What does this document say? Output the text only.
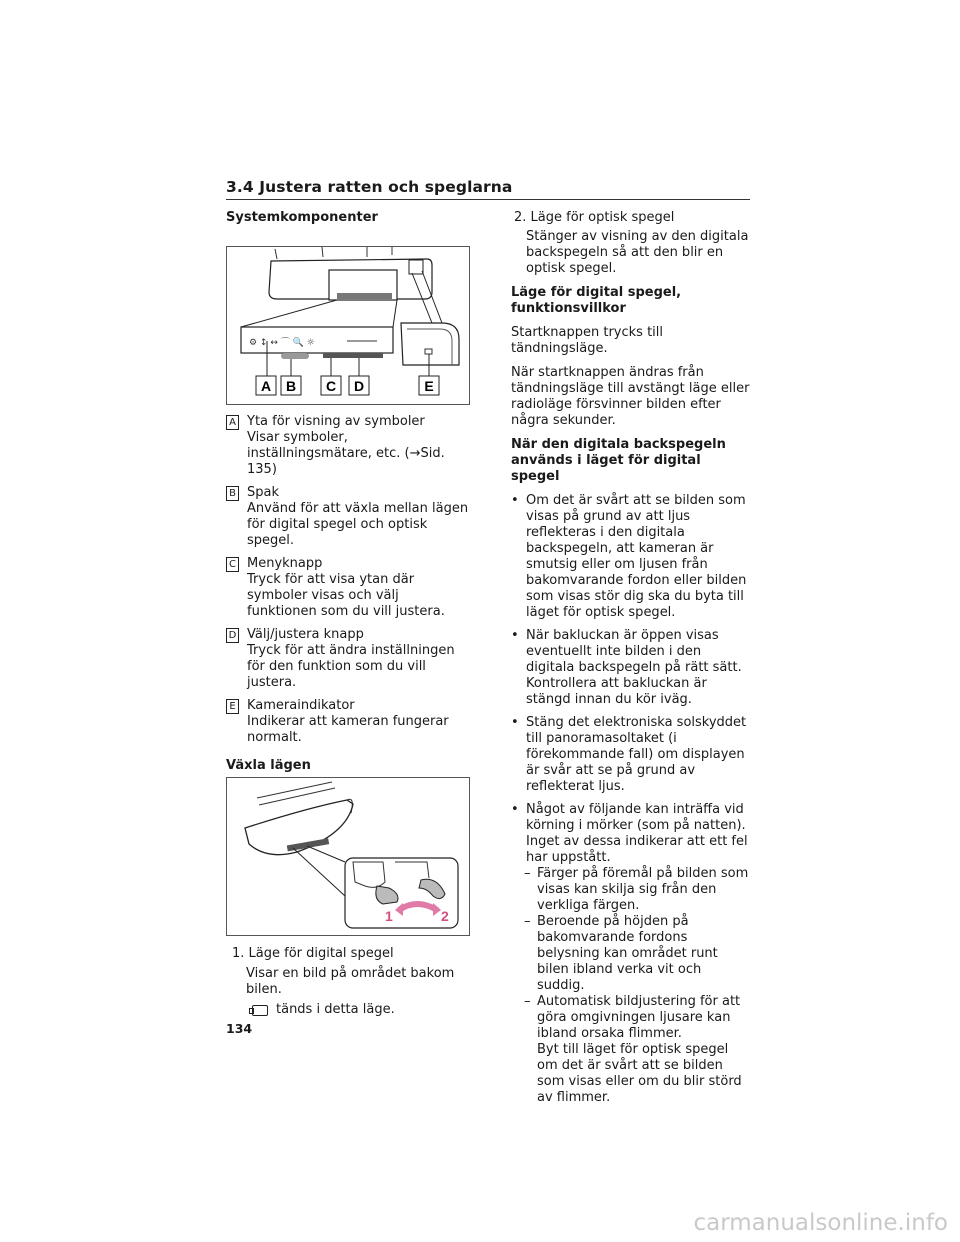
3.4 Justera ratten och speglarna
Systemkomponenter
⚙ ↕ ↔ ⌒ 🔍 ☼
A B C D	E
A Yta för visning av symboler
Visar symboler, inställningsmätare, etc. (→Sid. 135)
B Spak
Använd för att växla mellan lägen för digital spegel och optisk spegel.
C Menyknapp
Tryck för att visa ytan där symboler visas och välj funktionen som du vill justera.
D Välj/justera knapp
Tryck för att ändra inställningen för den funktion som du vill justera.
E Kameraindikator
Indikerar att kameran fungerar normalt.
Växla lägen
1	2
1. Läge för digital spegel
Visar en bild på området bakom bilen.
tänds i detta läge.
2. Läge för optisk spegel
Stänger av visning av den digitala backspegeln så att den blir en optisk spegel.
Läge för digital spegel, funktionsvillkor
Startknappen trycks till tändningsläge.
När startknappen ändras från tändningsläge till avstängt läge eller radioläge försvinner bilden efter några sekunder.
När den digitala backspegeln används i läget för digital spegel
• Om det är svårt att se bilden som visas på grund av att ljus reflekteras i den digitala backspegeln, att kameran är smutsig eller om ljusen från bakomvarande fordon eller bilden som visas stör dig ska du byta till läget för optisk spegel.
• När bakluckan är öppen visas eventuellt inte bilden i den digitala backspegeln på rätt sätt. Kontrollera att bakluckan är stängd innan du kör iväg.
• Stäng det elektroniska solskyddet till panoramasoltaket (i förekommande fall) om displayen är svår att se på grund av reflekterat ljus.
• Något av följande kan inträffa vid körning i mörker (som på natten). Inget av dessa indikerar att ett fel har uppstått.
– Färger på föremål på bilden som visas kan skilja sig från den verkliga färgen.
– Beroende på höjden på bakomvarande fordons belysning kan området runt bilen ibland verka vit och suddig.
– Automatisk bildjustering för att göra omgivningen ljusare kan ibland orsaka flimmer.
Byt till läget för optisk spegel om det är svårt att se bilden som visas eller om du blir störd av flimmer.
134
carmanualsonline.info
